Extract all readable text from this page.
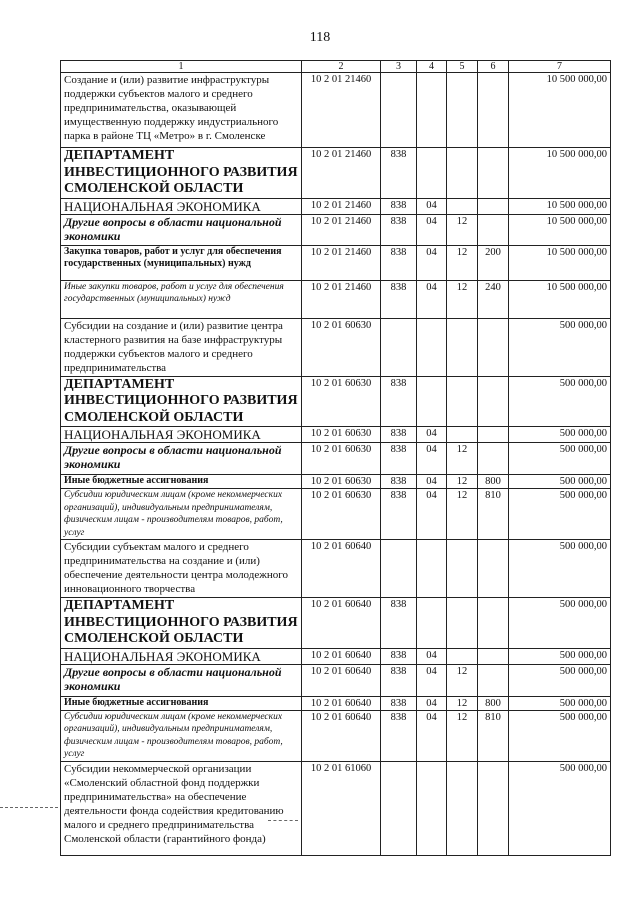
118
1	2	3	4	5	6	7
Создание и (или) развитие инфраструктуры поддержки субъектов малого и среднего предпринимательства, оказывающей имущественную поддержку индустриального парка в районе ТЦ «Метро» в г. Смоленске	10 2 01 21460					10 500 000,00
ДЕПАРТАМЕНТ ИНВЕСТИЦИОННОГО РАЗВИТИЯ СМОЛЕНСКОЙ ОБЛАСТИ	10 2 01 21460	838				10 500 000,00
НАЦИОНАЛЬНАЯ ЭКОНОМИКА	10 2 01 21460	838	04			10 500 000,00
Другие вопросы в области национальной экономики	10 2 01 21460	838	04	12		10 500 000,00
Закупка товаров, работ и услуг для обеспечения государственных (муниципальных) нужд	10 2 01 21460	838	04	12	200	10 500 000,00
Иные закупки товаров, работ и услуг для обеспечения государственных (муниципальных) нужд	10 2 01 21460	838	04	12	240	10 500 000,00
Субсидии на создание и (или) развитие центра кластерного развития на базе инфраструктуры поддержки субъектов малого и среднего предпринимательства	10 2 01 60630					500 000,00
ДЕПАРТАМЕНТ ИНВЕСТИЦИОННОГО РАЗВИТИЯ СМОЛЕНСКОЙ ОБЛАСТИ	10 2 01 60630	838				500 000,00
НАЦИОНАЛЬНАЯ ЭКОНОМИКА	10 2 01 60630	838	04			500 000,00
Другие вопросы в области национальной экономики	10 2 01 60630	838	04	12		500 000,00
Иные бюджетные ассигнования	10 2 01 60630	838	04	12	800	500 000,00
Субсидии юридическим лицам (кроме некоммерческих организаций), индивидуальным предпринимателям, физическим лицам - производителям товаров, работ, услуг	10 2 01 60630	838	04	12	810	500 000,00
Субсидии субъектам малого и среднего предпринимательства на создание и (или) обеспечение деятельности центра молодежного инновационного творчества	10 2 01 60640					500 000,00
ДЕПАРТАМЕНТ ИНВЕСТИЦИОННОГО РАЗВИТИЯ СМОЛЕНСКОЙ ОБЛАСТИ	10 2 01 60640	838				500 000,00
НАЦИОНАЛЬНАЯ ЭКОНОМИКА	10 2 01 60640	838	04			500 000,00
Другие вопросы в области национальной экономики	10 2 01 60640	838	04	12		500 000,00
Иные бюджетные ассигнования	10 2 01 60640	838	04	12	800	500 000,00
Субсидии юридическим лицам (кроме некоммерческих организаций), индивидуальным предпринимателям, физическим лицам - производителям товаров, работ, услуг	10 2 01 60640	838	04	12	810	500 000,00
Субсидии некоммерческой организации «Смоленский областной фонд поддержки предпринимательства» на обеспечение деятельности фонда содействия кредитованию малого и среднего предпринимательства Смоленской области (гарантийного фонда)	10 2 01 61060					500 000,00
